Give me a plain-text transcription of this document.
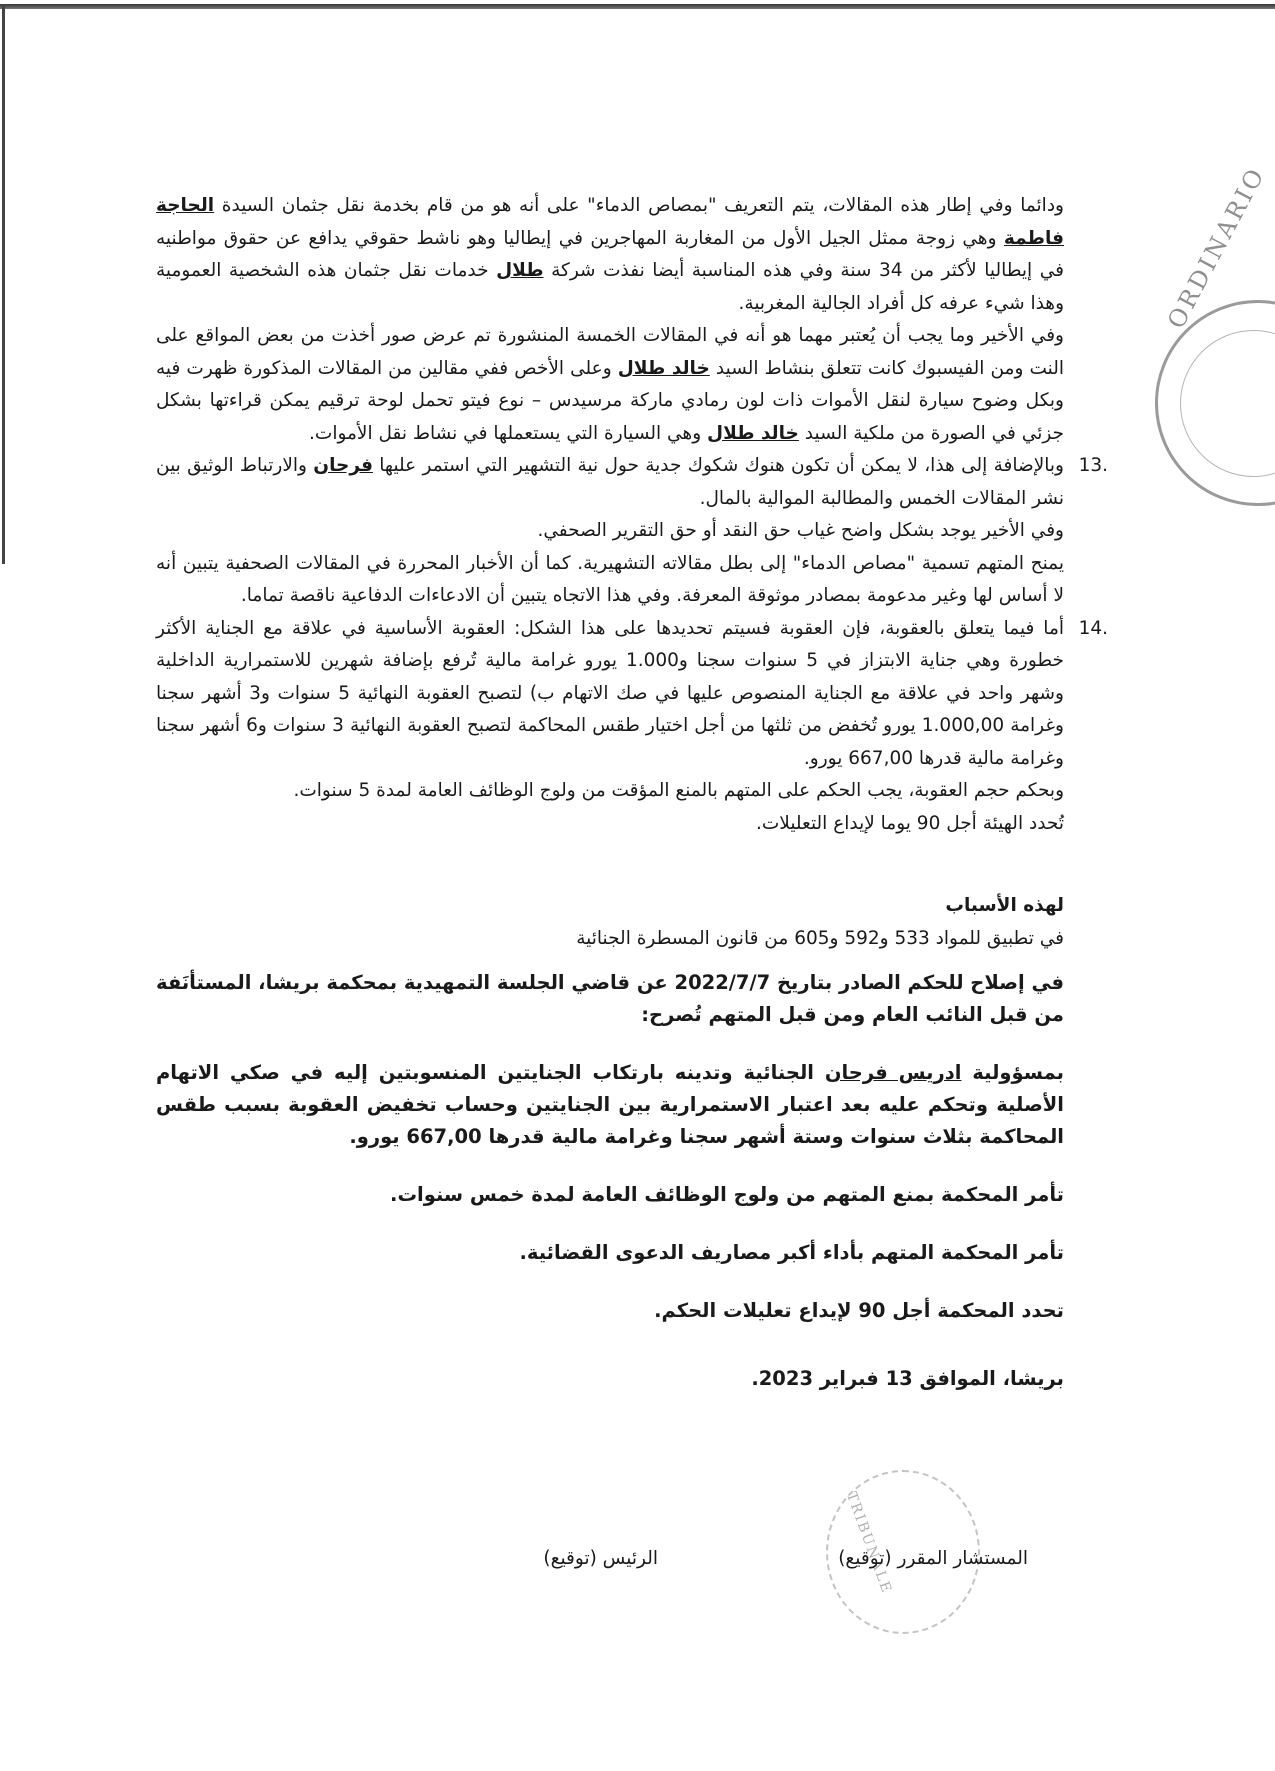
ORDINARIO
TRIBUNALE

ودائما وفي إطار هذه المقالات، يتم التعريف "بمصاص الدماء" على أنه هو من قام بخدمة نقل جثمان السيدة الحاجة فاطمة وهي زوجة ممثل الجيل الأول من المغاربة المهاجرين في إيطاليا وهو ناشط حقوقي يدافع عن حقوق مواطنيه في إيطاليا لأكثر من 34 سنة وفي هذه المناسبة أيضا نفذت شركة طلال خدمات نقل جثمان هذه الشخصية العمومية وهذا شيء عرفه كل أفراد الجالية المغربية.

وفي الأخير وما يجب أن يُعتبر مهما هو أنه في المقالات الخمسة المنشورة تم عرض صور أخذت من بعض المواقع على النت ومن الفيسبوك كانت تتعلق بنشاط السيد خالد طلال وعلى الأخص ففي مقالين من المقالات المذكورة ظهرت فيه وبكل وضوح سيارة لنقل الأموات ذات لون رمادي ماركة مرسيدس – نوع فيتو تحمل لوحة ترقيم يمكن قراءتها بشكل جزئي في الصورة من ملكية السيد خالد طلال وهي السيارة التي يستعملها في نشاط نقل الأموات.

13.
وبالإضافة إلى هذا، لا يمكن أن تكون هنوك شكوك جدية حول نية التشهير التي استمر عليها فرحان والارتباط الوثيق بين نشر المقالات الخمس والمطالبة الموالية بالمال.

وفي الأخير يوجد بشكل واضح غياب حق النقد أو حق التقرير الصحفي.

يمنح المتهم تسمية "مصاص الدماء" إلى بطل مقالاته التشهيرية. كما أن الأخبار المحررة في المقالات الصحفية يتبين أنه لا أساس لها وغير مدعومة بمصادر موثوقة المعرفة. وفي هذا الاتجاه يتبين أن الادعاءات الدفاعية ناقصة تماما.

14.
أما فيما يتعلق بالعقوبة، فإن العقوبة فسيتم تحديدها على هذا الشكل: العقوبة الأساسية في علاقة مع الجناية الأكثر خطورة وهي جناية الابتزاز في 5 سنوات سجنا و1.000 يورو غرامة مالية تُرفع بإضافة شهرين للاستمرارية الداخلية وشهر واحد في علاقة مع الجناية المنصوص عليها في صك الاتهام ب) لتصبح العقوبة النهائية 5 سنوات و3 أشهر سجنا وغرامة 1.000,00 يورو تُخفض من ثلثها من أجل اختيار طقس المحاكمة لتصبح العقوبة النهائية 3 سنوات و6 أشهر سجنا وغرامة مالية قدرها 667,00 يورو.

وبحكم حجم العقوبة، يجب الحكم على المتهم بالمنع المؤقت من ولوج الوظائف العامة لمدة 5 سنوات.

تُحدد الهيئة أجل 90 يوما لإيداع التعليلات.

لهذه الأسباب

في تطبيق للمواد 533 و592 و605 من قانون المسطرة الجنائية

في إصلاح للحكم الصادر بتاريخ 2022/7/7 عن قاضي الجلسة التمهيدية بمحكمة بريشا، المستأنَفة من قبل النائب العام ومن قبل المتهم تُصرح:

بمسؤولية ادريس فرحان الجنائية وتدينه بارتكاب الجنايتين المنسوبتين إليه في صكي الاتهام الأصلية وتحكم عليه بعد اعتبار الاستمرارية بين الجنايتين وحساب تخفيض العقوبة بسبب طقس المحاكمة بثلاث سنوات وستة أشهر سجنا وغرامة مالية قدرها 667,00 يورو.

تأمر المحكمة بمنع المتهم من ولوج الوظائف العامة لمدة خمس سنوات.

تأمر المحكمة المتهم بأداء أكبر مصاريف الدعوى القضائية.

تحدد المحكمة أجل 90 لإيداع تعليلات الحكم.

بريشا، الموافق 13 فبراير 2023.

المستشار المقرر (توقيع)
الرئيس (توقيع)
